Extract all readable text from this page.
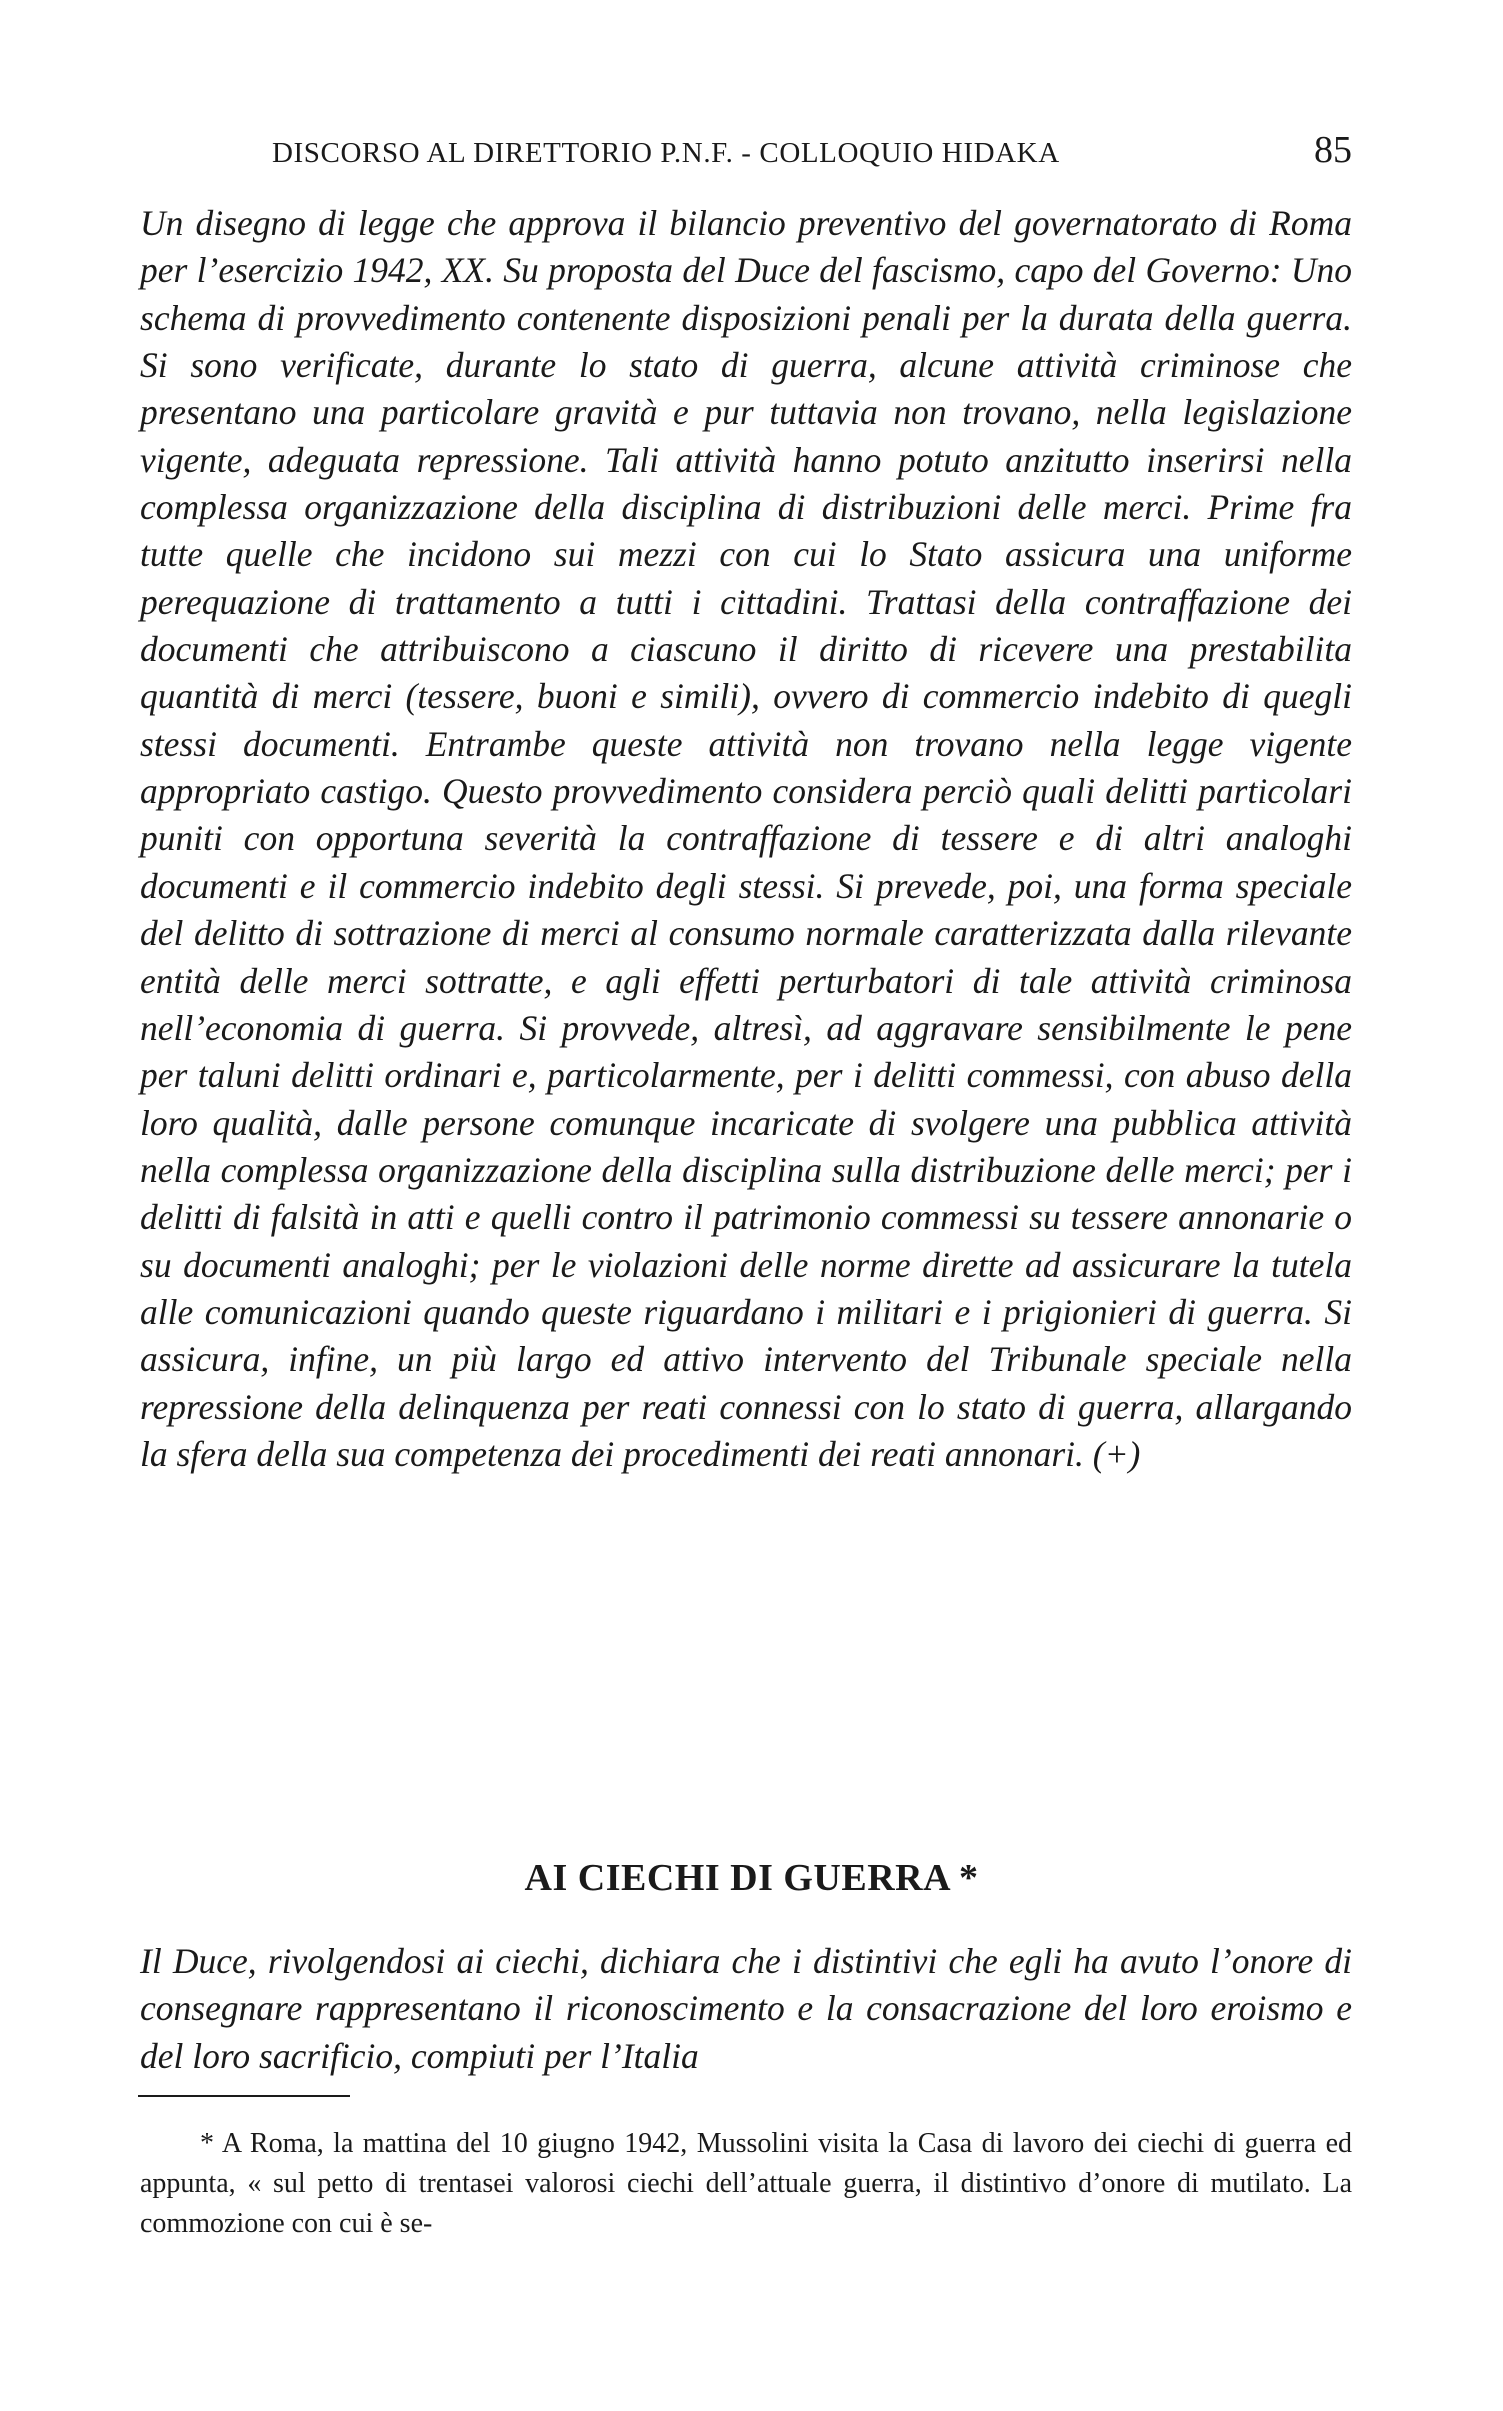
DISCORSO AL DIRETTORIO P.N.F. - COLLOQUIO HIDAKA	85

Un disegno di legge che approva il bilancio preventivo del governatorato di Roma per l’esercizio 1942, XX. Su proposta del Duce del fascismo, capo del Governo: Uno schema di provvedimento contenente disposizioni penali per la durata della guerra. Si sono verificate, durante lo stato di guerra, alcune attività criminose che presentano una particolare gravità e pur tuttavia non trovano, nella legislazione vigente, adeguata repressione. Tali attività hanno potuto anzitutto inserirsi nella complessa organizzazione della disciplina di distribuzioni delle merci. Prime fra tutte quelle che incidono sui mezzi con cui lo Stato assicura una uniforme perequazione di trattamento a tutti i cittadini. Trattasi della contraffazione dei documenti che attribuiscono a ciascuno il diritto di ricevere una prestabilita quantità di merci (tessere, buoni e simili), ovvero di commercio indebito di quegli stessi documenti. Entrambe queste attività non trovano nella legge vigente appropriato castigo. Questo provvedimento considera perciò quali delitti particolari puniti con opportuna severità la contraffazione di tessere e di altri analoghi documenti e il commercio indebito degli stessi. Si prevede, poi, una forma speciale del delitto di sottrazione di merci al consumo normale caratterizzata dalla rilevante entità delle merci sottratte, e agli effetti perturbatori di tale attività criminosa nell’economia di guerra. Si provvede, altresì, ad aggravare sensibilmente le pene per taluni delitti ordinari e, particolarmente, per i delitti commessi, con abuso della loro qualità, dalle persone comunque incaricate di svolgere una pubblica attività nella complessa organizzazione della disciplina sulla distribuzione delle merci; per i delitti di falsità in atti e quelli contro il patrimonio commessi su tessere annonarie o su documenti analoghi; per le violazioni delle norme dirette ad assicurare la tutela alle comunicazioni quando queste riguardano i militari e i prigionieri di guerra. Si assicura, infine, un più largo ed attivo intervento del Tribunale speciale nella repressione della delinquenza per reati connessi con lo stato di guerra, allargando la sfera della sua competenza dei procedimenti dei reati annonari. (+)

AI CIECHI DI GUERRA *

Il Duce, rivolgendosi ai ciechi, dichiara che i distintivi che egli ha avuto l’onore di consegnare rappresentano il riconoscimento e la consacrazione del loro eroismo e del loro sacrificio, compiuti per l’Italia

* A Roma, la mattina del 10 giugno 1942, Mussolini visita la Casa di lavoro dei ciechi di guerra ed appunta, « sul petto di trentasei valorosi ciechi dell’attuale guerra, il distintivo d’onore di mutilato. La commozione con cui è se-
